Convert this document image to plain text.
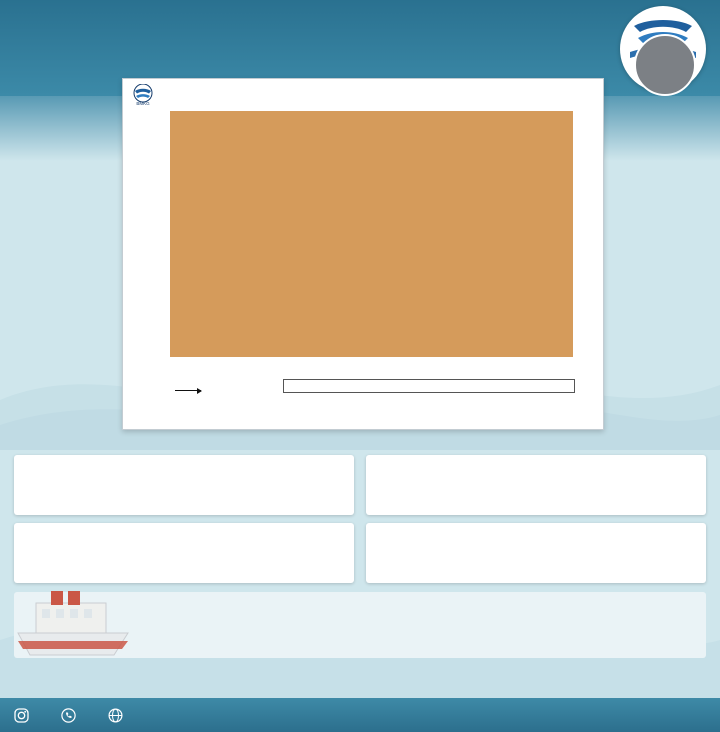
BMKG
